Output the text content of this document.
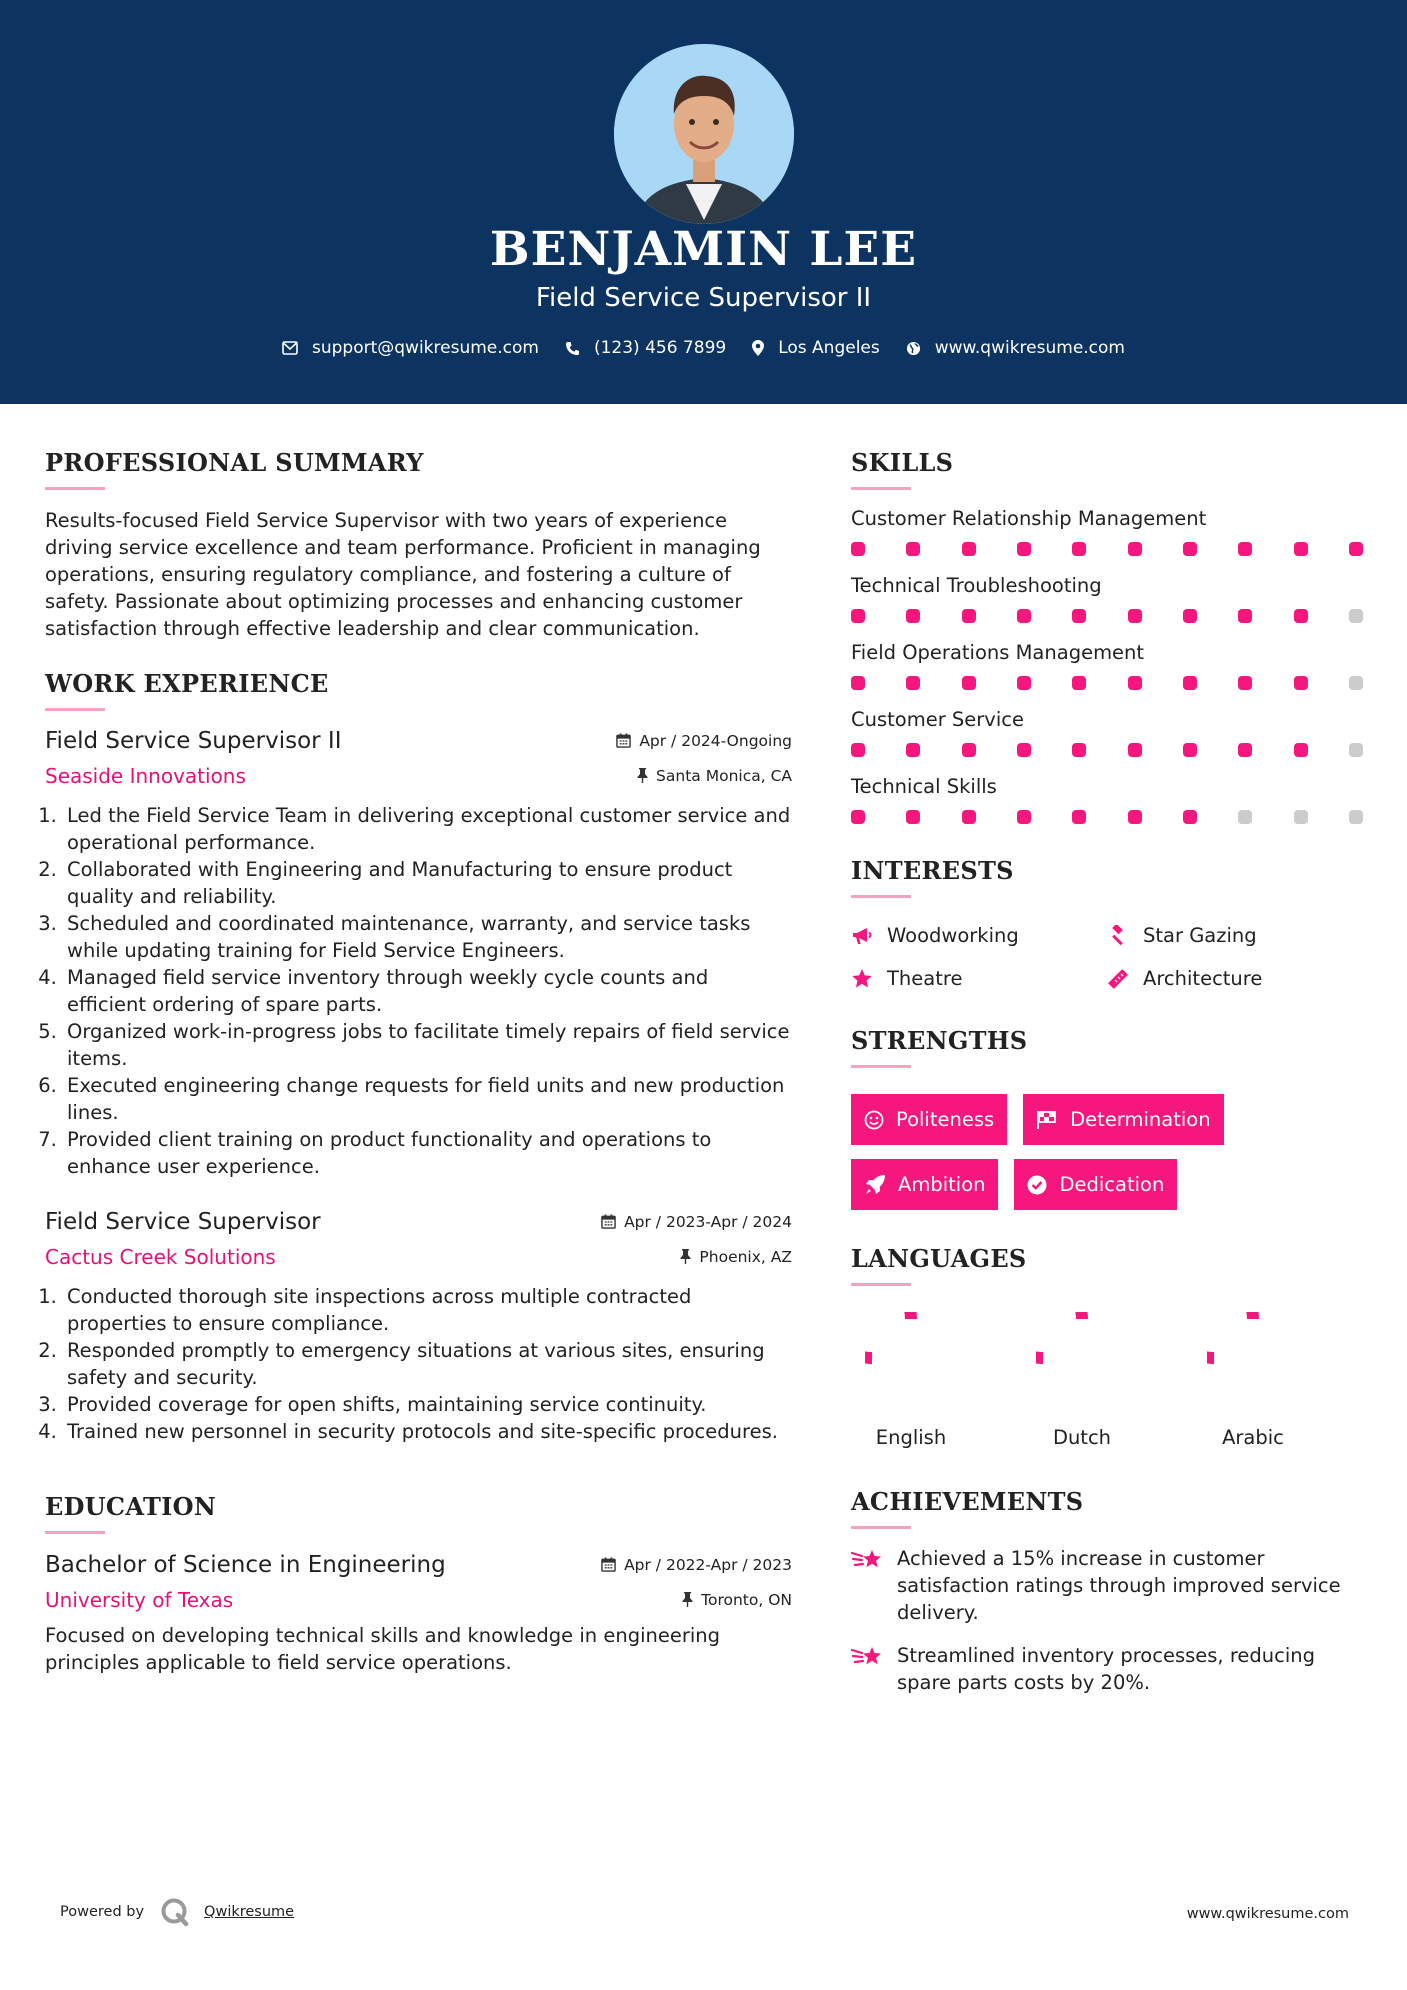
BENJAMIN LEE
Field Service Supervisor II
support@qwikresume.com	(123) 456 7899	Los Angeles	www.qwikresume.com
PROFESSIONAL SUMMARY

Results-focused Field Service Supervisor with two years of experience driving service excellence and team performance. Proficient in managing operations, ensuring regulatory compliance, and fostering a culture of safety. Passionate about optimizing processes and enhancing customer satisfaction through effective leadership and clear communication.

WORK EXPERIENCE
Field Service Supervisor II	Apr / 2024-Ongoing
Seaside Innovations	Santa Monica, CA
1. Led the Field Service Team in delivering exceptional customer service and operational performance.
2. Collaborated with Engineering and Manufacturing to ensure product quality and reliability.
3. Scheduled and coordinated maintenance, warranty, and service tasks while updating training for Field Service Engineers.
4. Managed field service inventory through weekly cycle counts and efficient ordering of spare parts.
5. Organized work-in-progress jobs to facilitate timely repairs of field service items.
6. Executed engineering change requests for field units and new production lines.
7. Provided client training on product functionality and operations to enhance user experience.
Field Service Supervisor	Apr / 2023-Apr / 2024
Cactus Creek Solutions	Phoenix, AZ
1. Conducted thorough site inspections across multiple contracted properties to ensure compliance.
2. Responded promptly to emergency situations at various sites, ensuring safety and security.
3. Provided coverage for open shifts, maintaining service continuity.
4. Trained new personnel in security protocols and site-specific procedures.
EDUCATION
Bachelor of Science in Engineering	Apr / 2022-Apr / 2023
University of Texas	Toronto, ON

Focused on developing technical skills and knowledge in engineering principles applicable to field service operations.

SKILLS
Customer Relationship Management
Technical Troubleshooting
Field Operations Management
Customer Service
Technical Skills
INTERESTS
Woodworking	Star Gazing
Theatre	Architecture
STRENGTHS
Politeness	Determination
Ambition	Dedication
LANGUAGES
English	Dutch	Arabic
ACHIEVEMENTS
Achieved a 15% increase in customer satisfaction ratings through improved service delivery.
Streamlined inventory processes, reducing spare parts costs by 20%.
Powered by	Qwikresume	www.qwikresume.com
